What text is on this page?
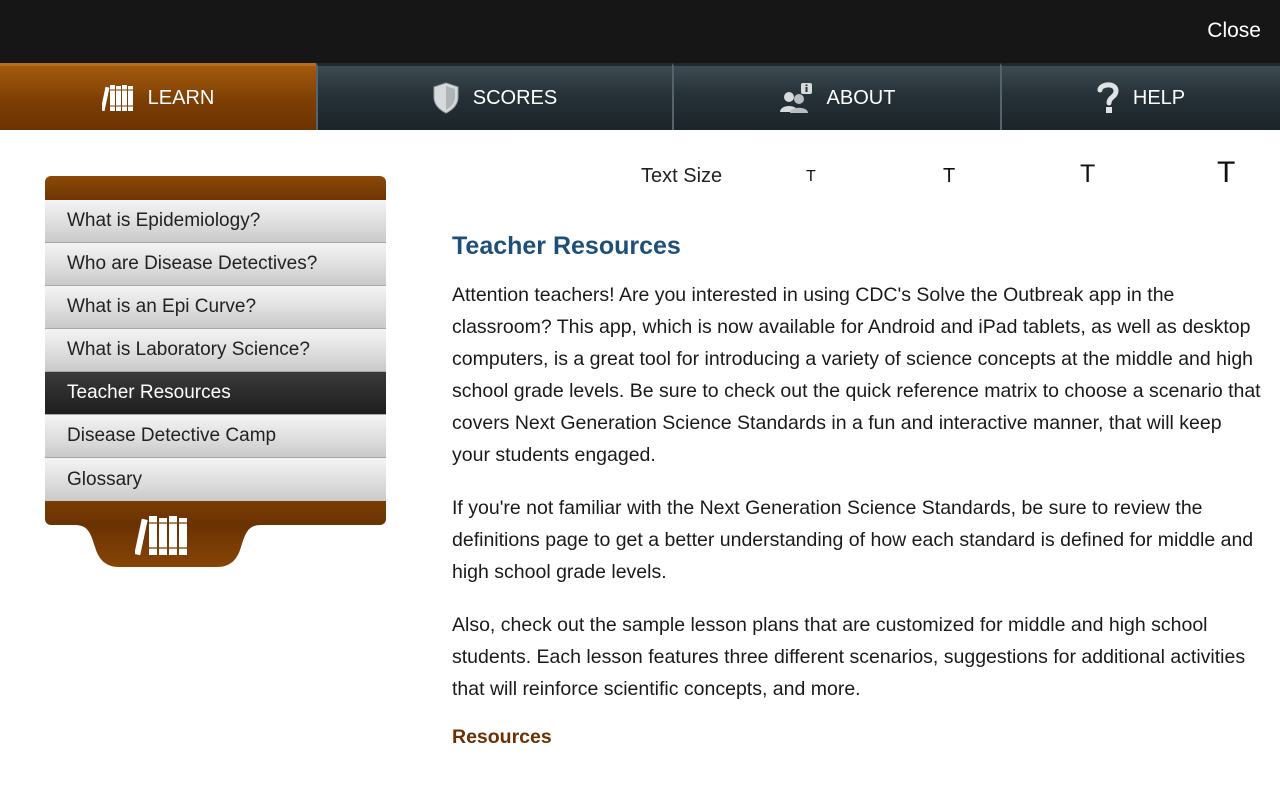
Close
LEARN	SCORES	ABOUT	HELP
What is Epidemiology?
Who are Disease Detectives?
What is an Epi Curve?
What is Laboratory Science?
Teacher Resources
Disease Detective Camp
Glossary
Text Size	T	T	T	T
Teacher Resources

Attention teachers! Are you interested in using CDC's Solve the Outbreak app in the classroom? This app, which is now available for Android and iPad tablets, as well as desktop computers, is a great tool for introducing a variety of science concepts at the middle and high school grade levels. Be sure to check out the quick reference matrix to choose a scenario that covers Next Generation Science Standards in a fun and interactive manner, that will keep your students engaged.

If you're not familiar with the Next Generation Science Standards, be sure to review the definitions page to get a better understanding of how each standard is defined for middle and high school grade levels.

Also, check out the sample lesson plans that are customized for middle and high school students. Each lesson features three different scenarios, suggestions for additional activities that will reinforce scientific concepts, and more.

Resources
